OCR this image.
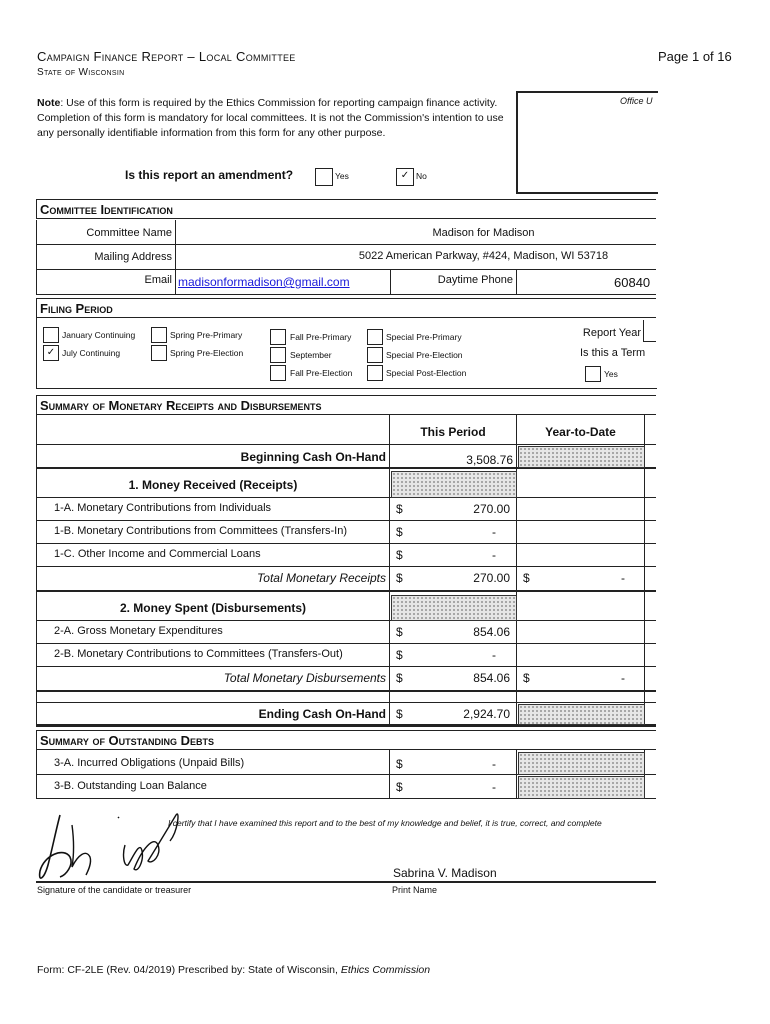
Campaign Finance Report – Local Committee
State of Wisconsin
Page 1 of 16
Note: Use of this form is required by the Ethics Commission for reporting campaign finance activity. Completion of this form is mandatory for local committees. It is not the Commission's intention to use any personally identifiable information from this form for any other purpose.
Office U
Is this report an amendment?	Yes	✓ No
Committee Identification
Committee Name	Madison for Madison
Mailing Address	5022 American Parkway, #424, Madison, WI 53718
Email madisonformadison@gmail.com	Daytime Phone	60840
Filing Period
January Continuing
✓ July Continuing
Spring Pre-Primary
Spring Pre-Election
Fall Pre-Primary
September
Fall Pre-Election
Special Pre-Primary
Special Pre-Election
Special Post-Election
Report Year
Is this a Term
Yes
Summary of Monetary Receipts and Disbursements
This Period	Year-to-Date
Beginning Cash On-Hand	3,508.76
1. Money Received (Receipts)
1-A. Monetary Contributions from Individuals	$	270.00
1-B. Monetary Contributions from Committees (Transfers-In)	$	-
1-C. Other Income and Commercial Loans	$	-
Total Monetary Receipts $	270.00 $	-
2. Money Spent (Disbursements)
2-A. Gross Monetary Expenditures	$	854.06
2-B. Monetary Contributions to Committees (Transfers-Out)	$	-
Total Monetary Disbursements $	854.06 $	-
Ending Cash On-Hand $	2,924.70
Summary of Outstanding Debts
3-A. Incurred Obligations (Unpaid Bills)	$	-
3-B. Outstanding Loan Balance	$	-
I certify that I have examined this report and to the best of my knowledge and belief, it is true, correct, and complete
Signature of the candidate or treasurer
Sabrina V. Madison
Print Name
Form: CF-2LE (Rev. 04/2019) Prescribed by: State of Wisconsin, Ethics Commission
